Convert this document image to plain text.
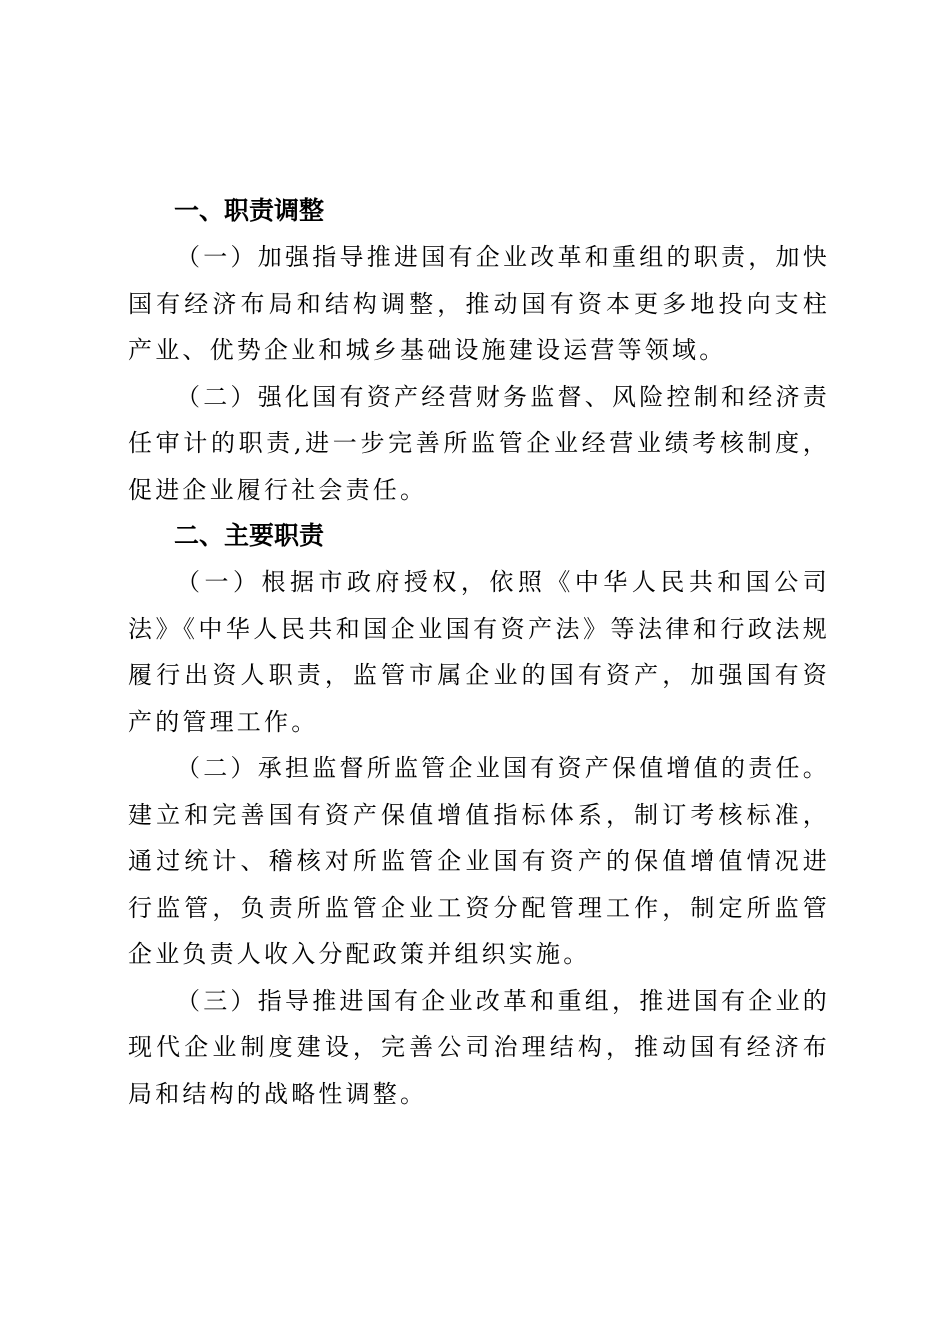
一、职责调整

（一）加强指导推进国有企业改革和重组的职责，加快国有经济布局和结构调整，推动国有资本更多地投向支柱产业、优势企业和城乡基础设施建设运营等领域。

（二）强化国有资产经营财务监督、风险控制和经济责任审计的职责,进一步完善所监管企业经营业绩考核制度，促进企业履行社会责任。

二、主要职责

（一）根据市政府授权，依照《中华人民共和国公司法》《中华人民共和国企业国有资产法》等法律和行政法规履行出资人职责，监管市属企业的国有资产，加强国有资产的管理工作。

（二）承担监督所监管企业国有资产保值增值的责任。建立和完善国有资产保值增值指标体系，制订考核标准，通过统计、稽核对所监管企业国有资产的保值增值情况进行监管，负责所监管企业工资分配管理工作，制定所监管企业负责人收入分配政策并组织实施。

（三）指导推进国有企业改革和重组，推进国有企业的现代企业制度建设，完善公司治理结构，推动国有经济布局和结构的战略性调整。
